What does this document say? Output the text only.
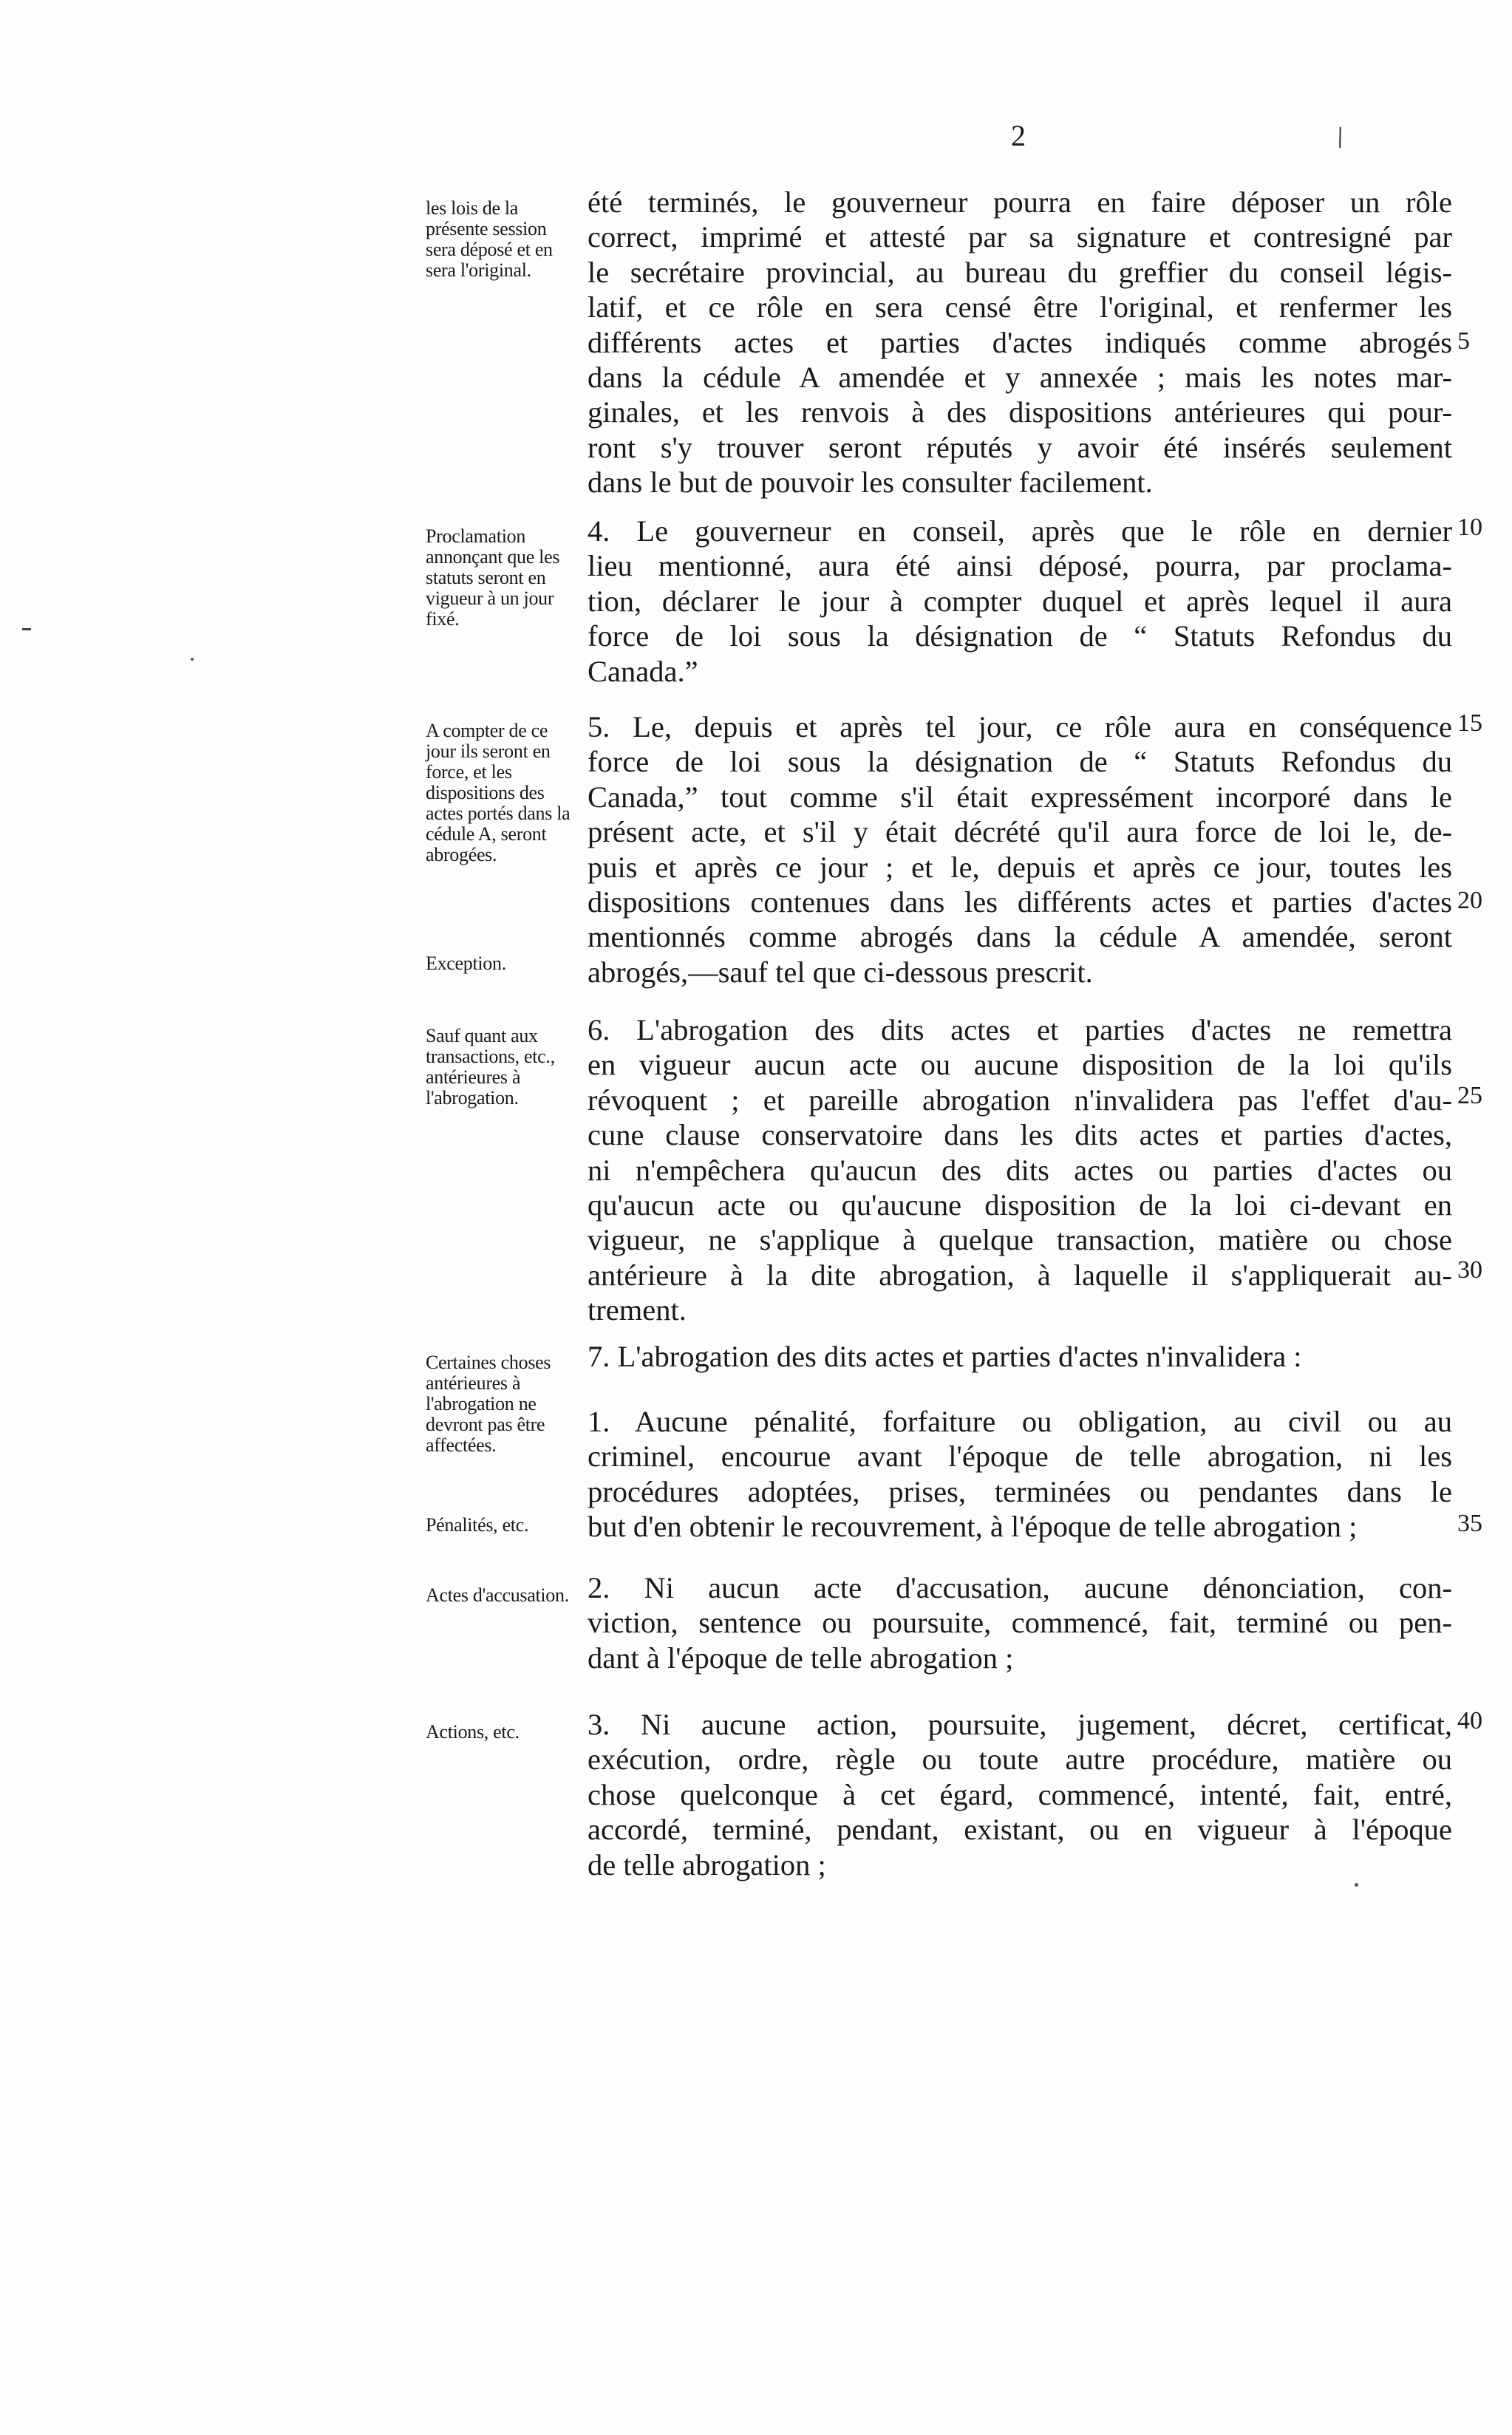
2	\
les lois de la présente session sera déposé et en sera l'original.
été terminés, le gouverneur pourra en faire déposer un rôle
correct, imprimé et attesté par sa signature et contresigné par
le secrétaire provincial, au bureau du greffier du conseil légis-
latif, et ce rôle en sera censé être l'original, et renfermer les
différents actes et parties d'actes indiqués comme abrogés
dans la cédule A amendée et y annexée ; mais les notes mar-
ginales, et les renvois à des dispositions antérieures qui pour-
ront s'y trouver seront réputés y avoir été insérés seulement
dans le but de pouvoir les consulter facilement.
Proclamation annonçant que les statuts seront en vigueur à un jour fixé.
4. Le gouverneur en conseil, après que le rôle en dernier
lieu mentionné, aura été ainsi déposé, pourra, par proclama-
tion, déclarer le jour à compter duquel et après lequel il aura
force de loi sous la désignation de “ Statuts Refondus du
Canada.”
A compter de ce jour ils seront en force, et les dispositions des actes portés dans la cédule A, seront abrogées.
Exception.
5. Le, depuis et après tel jour, ce rôle aura en conséquence
force de loi sous la désignation de “ Statuts Refondus du
Canada,” tout comme s'il était expressément incorporé dans le
présent acte, et s'il y était décrété qu'il aura force de loi le, de-
puis et après ce jour ; et le, depuis et après ce jour, toutes les
dispositions contenues dans les différents actes et parties d'actes
mentionnés comme abrogés dans la cédule A amendée, seront
abrogés,—sauf tel que ci-dessous prescrit.
Sauf quant aux transactions, etc., antérieures à l'abrogation.
6. L'abrogation des dits actes et parties d'actes ne remettra
en vigueur aucun acte ou aucune disposition de la loi qu'ils
révoquent ; et pareille abrogation n'invalidera pas l'effet d'au-
cune clause conservatoire dans les dits actes et parties d'actes,
ni n'empêchera qu'aucun des dits actes ou parties d'actes ou
qu'aucun acte ou qu'aucune disposition de la loi ci-devant en
vigueur, ne s'applique à quelque transaction, matière ou chose
antérieure à la dite abrogation, à laquelle il s'appliquerait au-
trement.
Certaines choses antérieures à l'abrogation ne devront pas être affectées.
7. L'abrogation des dits actes et parties d'actes n'invalidera :
Pénalités, etc.
1. Aucune pénalité, forfaiture ou obligation, au civil ou au
criminel, encourue avant l'époque de telle abrogation, ni les
procédures adoptées, prises, terminées ou pendantes dans le
but d'en obtenir le recouvrement, à l'époque de telle abrogation ;
Actes d'accusation. 2. Ni aucun acte d'accusation, aucune dénonciation, con-
viction, sentence ou poursuite, commencé, fait, terminé ou pen-
dant à l'époque de telle abrogation ;
Actions, etc.	3. Ni aucune action, poursuite, jugement, décret, certificat,
exécution, ordre, règle ou toute autre procédure, matière ou
chose quelconque à cet égard, commencé, intenté, fait, entré,
accordé, terminé, pendant, existant, ou en vigueur à l'époque
de telle abrogation ;
5
10
15
20
25
30
35
40
